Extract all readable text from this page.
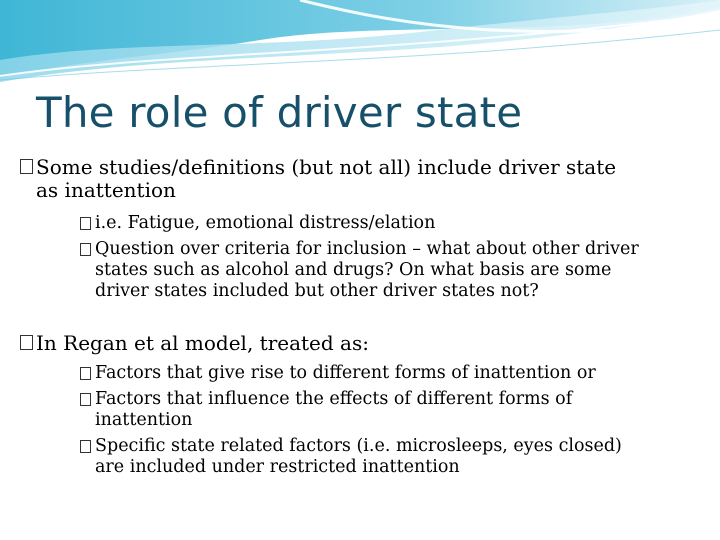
The role of driver state
Some studies/definitions (but not all) include driver state
as inattention
i.e. Fatigue, emotional distress/elation
Question over criteria for inclusion – what about other driver
states such as alcohol and drugs? On what basis are some
driver states included but other driver states not?
In Regan et al model, treated as:
Factors that give rise to different forms of inattention or
Factors that influence the effects of different forms of
inattention
Specific state related factors (i.e. microsleeps, eyes closed)
are included under restricted inattention
